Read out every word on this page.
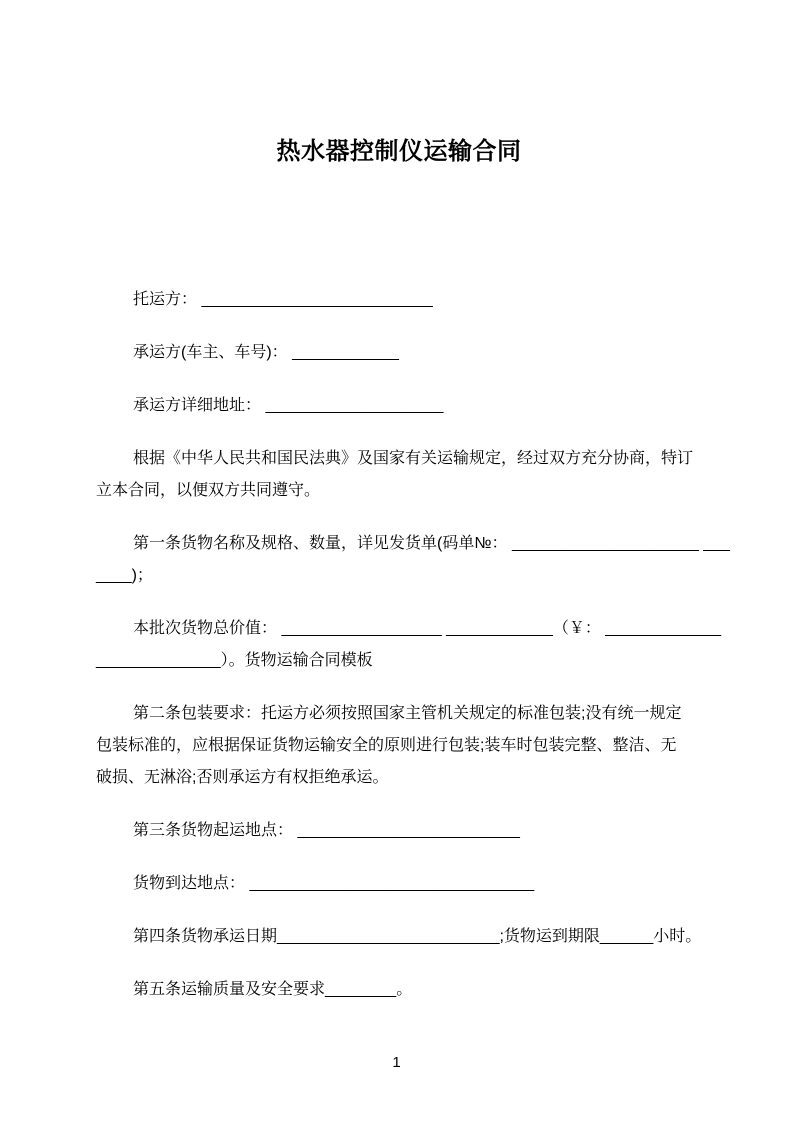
热水器控制仪运输合同
托运方： __________________________
承运方(车主、车号)： ____________
承运方详细地址： ____________________
根据《中华人民共和国民法典》及国家有关运输规定，经过双方充分协商，特订
立本合同，以便双方共同遵守。
第一条货物名称及规格、数量，详见发货单(码单№： _____________________ ___
____)；
本批次货物总价值： __________________ ____________（￥： _____________
______________）。货物运输合同模板
第二条包装要求：托运方必须按照国家主管机关规定的标准包装;没有统一规定
包装标准的，应根据保证货物运输安全的原则进行包装;装车时包装完整、整洁、无
破损、无淋浴;否则承运方有权拒绝承运。
第三条货物起运地点： _________________________
货物到达地点： ________________________________
第四条货物承运日期_________________________;货物运到期限______小时。
第五条运输质量及安全要求________。
1
